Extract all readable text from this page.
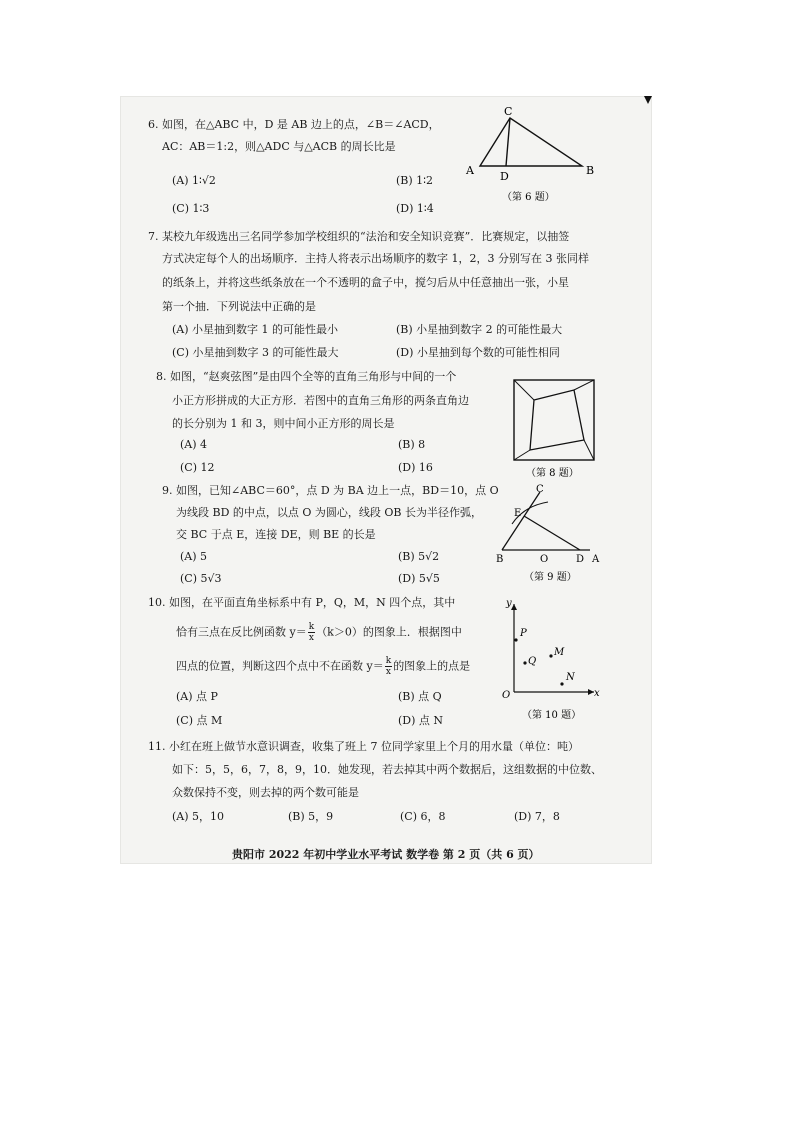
6. 如图，在△ABC 中，D 是 AB 边上的点，∠B＝∠ACD，
AC：AB＝1:2，则△ADC 与△ACB 的周长比是
(A) 1∶√2	(B) 1∶2
(C) 1∶3	(D) 1∶4
C
A D	B
（第 6 题）
7. 某校九年级选出三名同学参加学校组织的“法治和安全知识竞赛”．比赛规定，以抽签
方式决定每个人的出场顺序．主持人将表示出场顺序的数字 1，2，3 分别写在 3 张同样
的纸条上，并将这些纸条放在一个不透明的盒子中，搅匀后从中任意抽出一张，小星
第一个抽．下列说法中正确的是
(A) 小星抽到数字 1 的可能性最小	(B) 小星抽到数字 2 的可能性最大
(C) 小星抽到数字 3 的可能性最大	(D) 小星抽到每个数的可能性相同
8. 如图，“赵爽弦图”是由四个全等的直角三角形与中间的一个
小正方形拼成的大正方形．若图中的直角三角形的两条直角边
的长分别为 1 和 3，则中间小正方形的周长是
(A) 4	(B) 8
(C) 12	(D) 16	（第 8 题）
9. 如图，已知∠ABC＝60°，点 D 为 BA 边上一点，BD＝10，点 O
为线段 BD 的中点，以点 O 为圆心，线段 OB 长为半径作弧，
交 BC 于点 E，连接 DE，则 BE 的长是
(A) 5	(B) 5√2
(C) 5√3	(D) 5√5
C
E
B	O	D A
（第 9 题）
10. 如图，在平面直角坐标系中有 P，Q，M，N 四个点，其中
恰有三点在反比例函数 $y= \frac{k}{x} (k>0)$的图象上．根据图中
四点的位置，判断这四个点中不在函数 $y= \frac{k}{x}$ 的图象上的点是
(A) 点 P	(B) 点 Q
(C) 点 M	(D) 点 N
y
x
O
P
Q
M
N
（第 10 题）
11. 小红在班上做节水意识调查，收集了班上 7 位同学家里上个月的用水量（单位：吨）
如下：5，5，6，7，8，9，10．她发现，若去掉其中两个数据后，这组数据的中位数、
众数保持不变，则去掉的两个数可能是
(A) 5，10	(B) 5，9	(C) 6，8	(D) 7，8
贵阳市 2022 年初中学业水平考试 数学卷 第 2 页（共 6 页）
